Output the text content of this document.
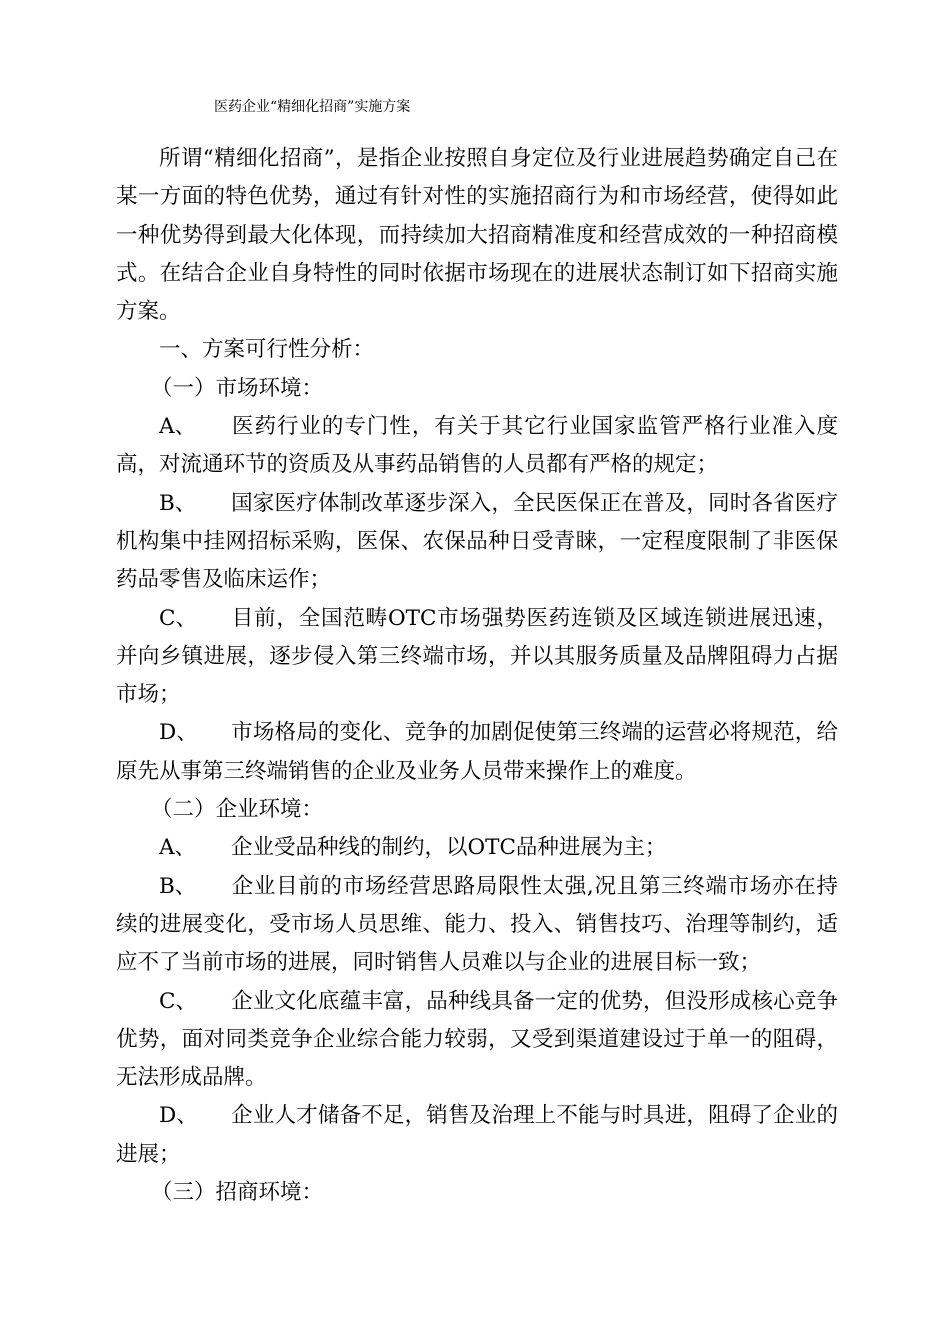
医药企业“精细化招商”实施方案

所谓“精细化招商”，是指企业按照自身定位及行业进展趋势确定自己在某一方面的特色优势，通过有针对性的实施招商行为和市场经营，使得如此一种优势得到最大化体现，而持续加大招商精准度和经营成效的一种招商模式。在结合企业自身特性的同时依据市场现在的进展状态制订如下招商实施方案。

一、方案可行性分析：

（一）市场环境：

A、 医药行业的专门性，有关于其它行业国家监管严格行业准入度高，对流通环节的资质及从事药品销售的人员都有严格的规定；

B、 国家医疗体制改革逐步深入，全民医保正在普及，同时各省医疗机构集中挂网招标采购，医保、农保品种日受青睐，一定程度限制了非医保药品零售及临床运作；

C、 目前，全国范畴OTC市场强势医药连锁及区域连锁进展迅速，并向乡镇进展，逐步侵入第三终端市场，并以其服务质量及品牌阻碍力占据市场；

D、 市场格局的变化、竞争的加剧促使第三终端的运营必将规范，给原先从事第三终端销售的企业及业务人员带来操作上的难度。

（二）企业环境：

A、 企业受品种线的制约，以OTC品种进展为主；

B、 企业目前的市场经营思路局限性太强,况且第三终端市场亦在持续的进展变化，受市场人员思维、能力、投入、销售技巧、治理等制约，适应不了当前市场的进展，同时销售人员难以与企业的进展目标一致；

C、 企业文化底蕴丰富，品种线具备一定的优势，但没形成核心竞争优势，面对同类竞争企业综合能力较弱，又受到渠道建设过于单一的阻碍，无法形成品牌。

D、 企业人才储备不足，销售及治理上不能与时具进，阻碍了企业的进展；

（三）招商环境：
